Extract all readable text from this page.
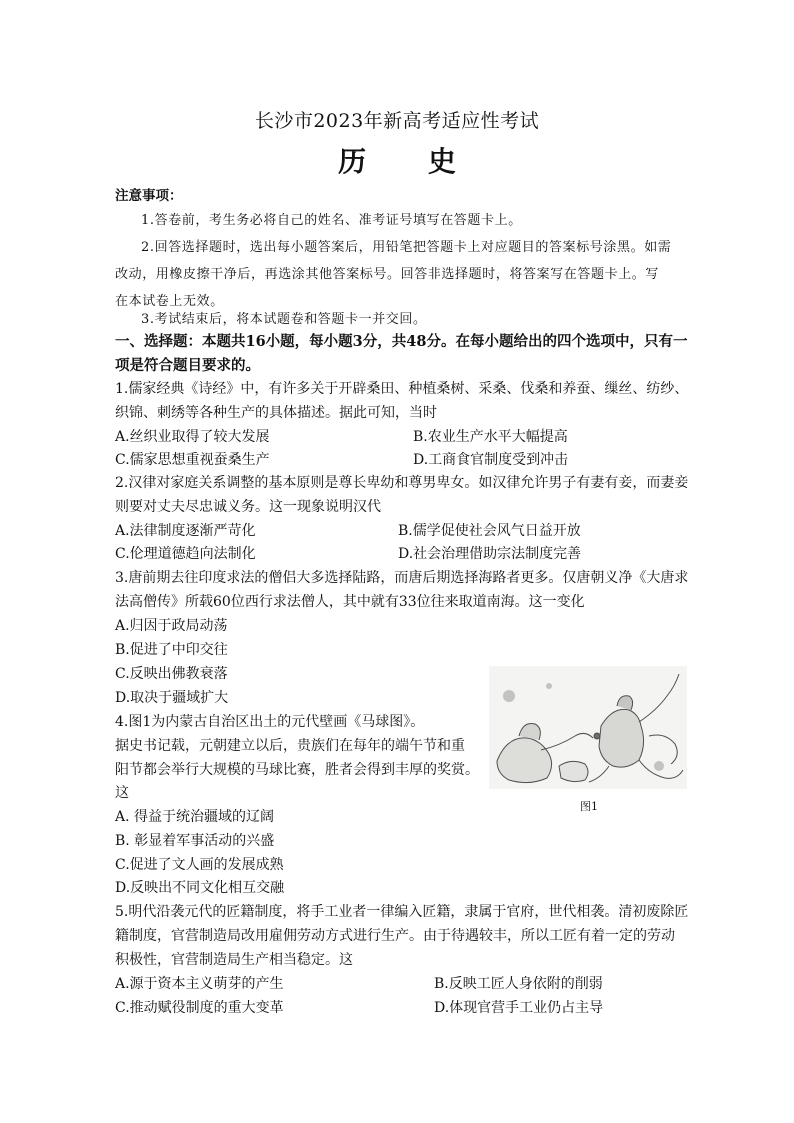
长沙市2023年新高考适应性考试
历 史
注意事项：
1.答卷前，考生务必将自己的姓名、准考证号填写在答题卡上。
2.回答选择题时，选出每小题答案后，用铅笔把答题卡上对应题目的答案标号涂黑。如需
改动，用橡皮擦干净后，再选涂其他答案标号。回答非选择题时，将答案写在答题卡上。写
在本试卷上无效。
3.考试结束后，将本试题卷和答题卡一并交回。
一、选择题：本题共16小题，每小题3分，共48分。在每小题给出的四个选项中，只有一
项是符合题目要求的。
1.儒家经典《诗经》中，有许多关于开辟桑田、种植桑树、采桑、伐桑和养蚕、缫丝、纺纱、
织锦、刺绣等各种生产的具体描述。据此可知，当时
A.丝织业取得了较大发展	B.农业生产水平大幅提高
C.儒家思想重视蚕桑生产	D.工商食官制度受到冲击
2.汉律对家庭关系调整的基本原则是尊长卑幼和尊男卑女。如汉律允许男子有妻有妾，而妻妾
则要对丈夫尽忠诚义务。这一现象说明汉代
A.法律制度逐渐严苛化	B.儒学促使社会风气日益开放
C.伦理道德趋向法制化	D.社会治理借助宗法制度完善
3.唐前期去往印度求法的僧侣大多选择陆路，而唐后期选择海路者更多。仅唐朝义净《大唐求
法高僧传》所载60位西行求法僧人，其中就有33位往来取道南海。这一变化
A.归因于政局动荡
B.促进了中印交往
C.反映出佛教衰落
D.取决于疆域扩大
4.图1为内蒙古自治区出土的元代壁画《马球图》。
据史书记载，元朝建立以后，贵族们在每年的端午节和重
阳节都会举行大规模的马球比赛，胜者会得到丰厚的奖赏。
这
A. 得益于统治疆域的辽阔
B. 彰显着军事活动的兴盛
C.促进了文人画的发展成熟
D.反映出不同文化相互交融
图1
5.明代沿袭元代的匠籍制度，将手工业者一律编入匠籍，隶属于官府，世代相袭。清初废除匠
籍制度，官营制造局改用雇佣劳动方式进行生产。由于待遇较丰，所以工匠有着一定的劳动
积极性，官营制造局生产相当稳定。这
A.源于资本主义萌芽的产生	B.反映工匠人身依附的削弱
C.推动赋役制度的重大变革	D.体现官营手工业仍占主导
